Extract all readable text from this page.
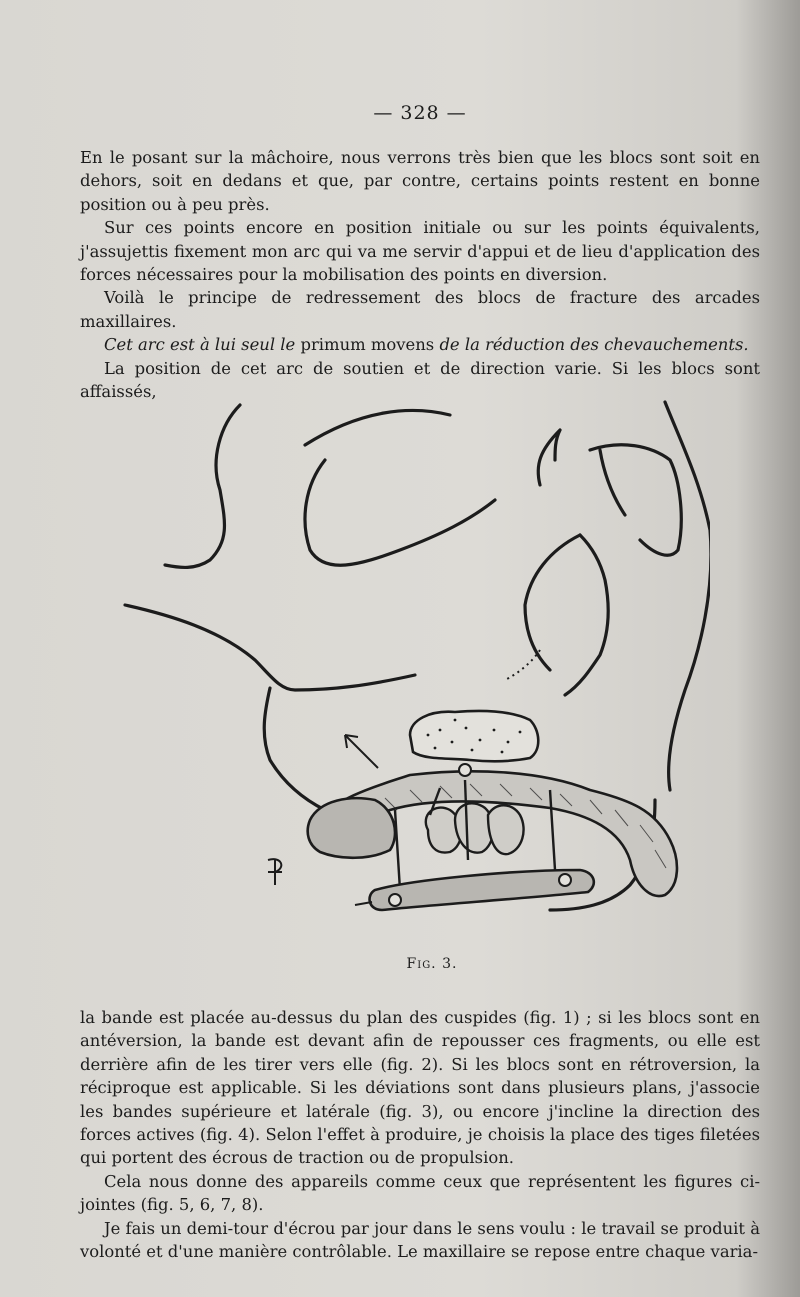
— 328 —

En le posant sur la mâchoire, nous verrons très bien que les blocs sont soit en dehors, soit en dedans et que, par contre, certains points restent en bonne position ou à peu près.

Sur ces points encore en position initiale ou sur les points équivalents, j'assujettis fixement mon arc qui va me servir d'appui et de lieu d'application des forces nécessaires pour la mobilisation des points en diversion.

Voilà le principe de redressement des blocs de fracture des arcades maxillaires.

Cet arc est à lui seul le primum movens de la réduction des chevauchements.

La position de cet arc de soutien et de direction varie. Si les blocs sont affaissés,

Fig. 3.

la bande est placée au-dessus du plan des cuspides (fig. 1) ; si les blocs sont en antéversion, la bande est devant afin de repousser ces fragments, ou elle est derrière afin de les tirer vers elle (fig. 2). Si les blocs sont en rétroversion, la réciproque est applicable. Si les déviations sont dans plusieurs plans, j'associe les bandes supérieure et latérale (fig. 3), ou encore j'incline la direction des forces actives (fig. 4). Selon l'effet à produire, je choisis la place des tiges filetées qui portent des écrous de traction ou de propulsion.

Cela nous donne des appareils comme ceux que représentent les figures ci-jointes (fig. 5, 6, 7, 8).

Je fais un demi-tour d'écrou par jour dans le sens voulu : le travail se produit à volonté et d'une manière contrôlable. Le maxillaire se repose entre chaque varia-
